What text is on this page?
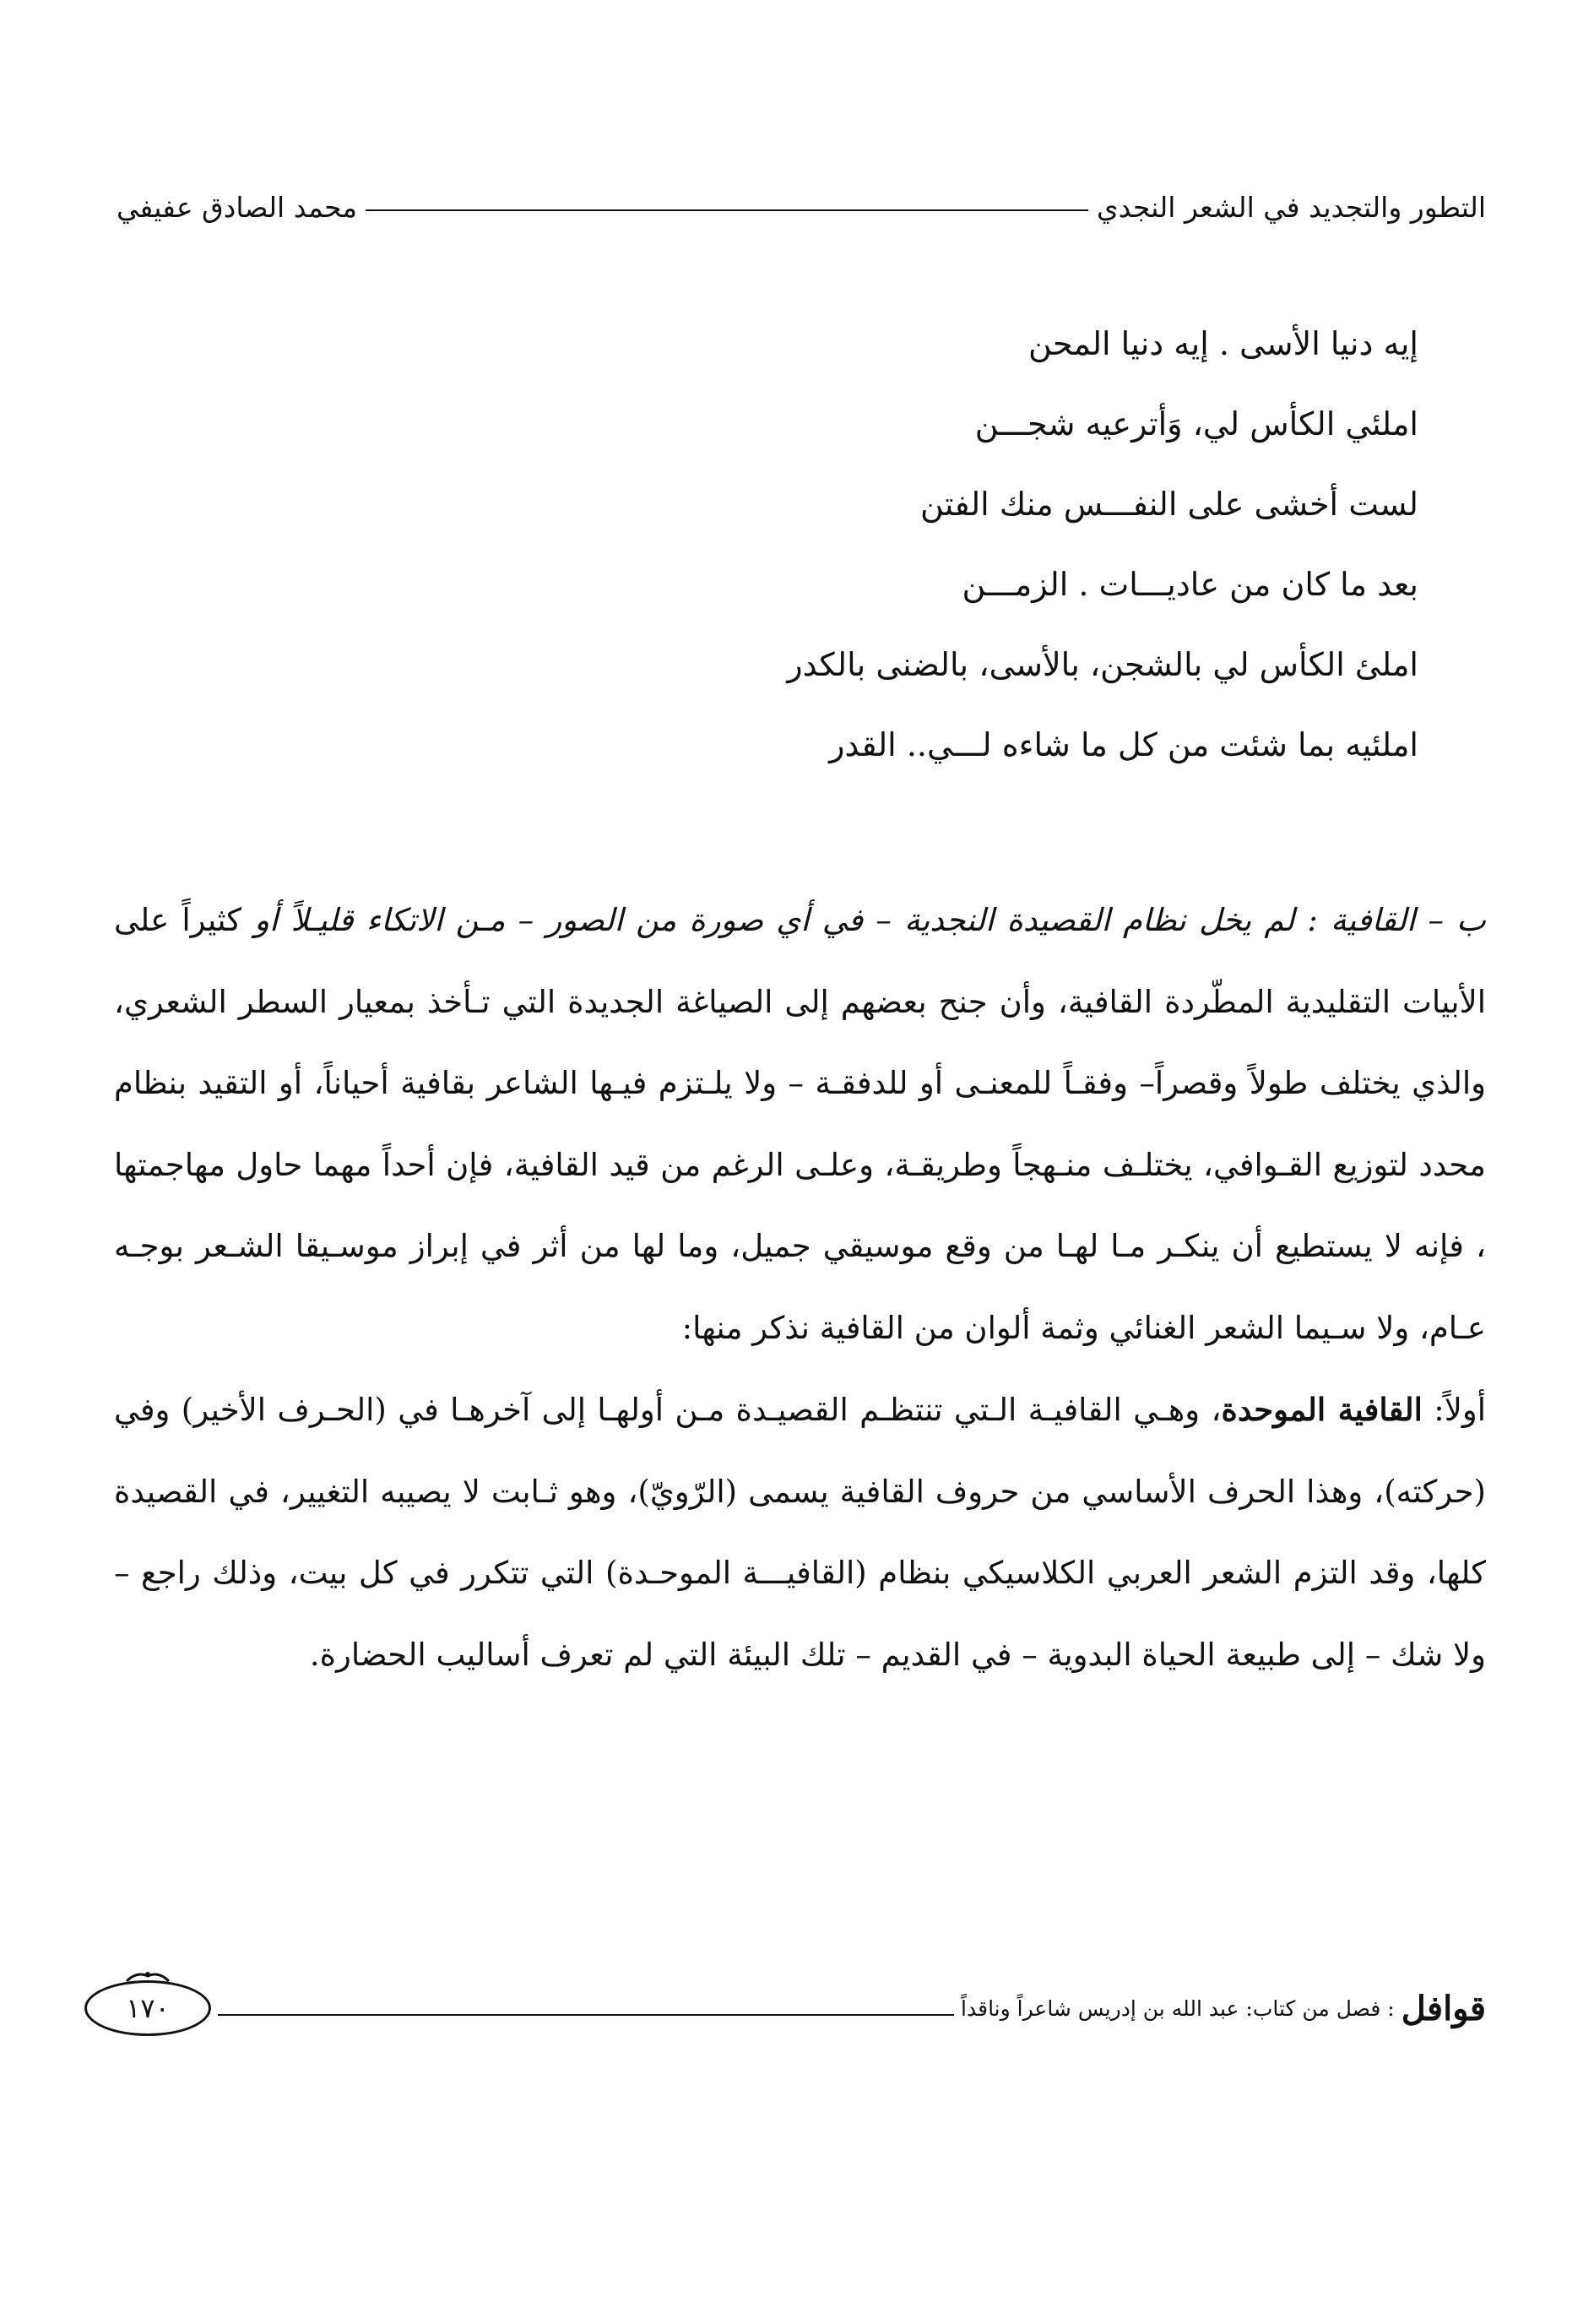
التطور والتجديد في الشعر النجدي
محمد الصادق عفيفي
إيه دنيا الأسى . إيه دنيا المحن
املئي الكأس لي، وَأترعيه شجـــن
لست أخشى على النفـــس منك الفتن
بعد ما كان من عاديـــات . الزمـــن
املئ الكأس لي بالشجن، بالأسى، بالضنى بالكدر
املئيه بما شئت من كل ما شاءه لـــي.. القدر

ب – القافية : لم يخل نظام القصيدة النجدية – في أي صورة من الصور – مـن الاتكاء قليـلاً أو كثيراً على الأبيات التقليدية المطّردة القافية، وأن جنح بعضهم إلى الصياغة الجديدة التي تـأخذ بمعيار السطر الشعري، والذي يختلف طولاً وقصراً– وفقـاً للمعنـى أو للدفقـة – ولا يلـتزم فيـها الشاعر بقافية أحياناً، أو التقيد بنظام محدد لتوزيع القـوافي، يختلـف منـهجاً وطريقـة، وعلـى الرغم من قيد القافية، فإن أحداً مهما حاول مهاجمتها ، فإنه لا يستطيع أن ينكـر مـا لهـا من وقع موسيقي جميل، وما لها من أثر في إبراز موسـيقا الشـعر بوجـه عـام، ولا سـيما الشعر الغنائي وثمة ألوان من القافية نذكر منها:

أولاً: القافية الموحدة، وهـي القافيـة الـتي تنتظـم القصيـدة مـن أولهـا إلى آخرهـا في (الحـرف الأخير) وفي (حركته)، وهذا الحرف الأساسي من حروف القافية يسمى (الرّويّ)، وهو ثـابت لا يصيبه التغيير، في القصيدة كلها، وقد التزم الشعر العربي الكلاسيكي بنظام (القافيـــة الموحـدة) التي تتكرر في كل بيت، وذلك راجع – ولا شك – إلى طبيعة الحياة البدوية – في القديم – تلك البيئة التي لم تعرف أساليب الحضارة.

قوافل
: فصل من كتاب: عبد الله بن إدريس شاعراً وناقداً
١٧٠
